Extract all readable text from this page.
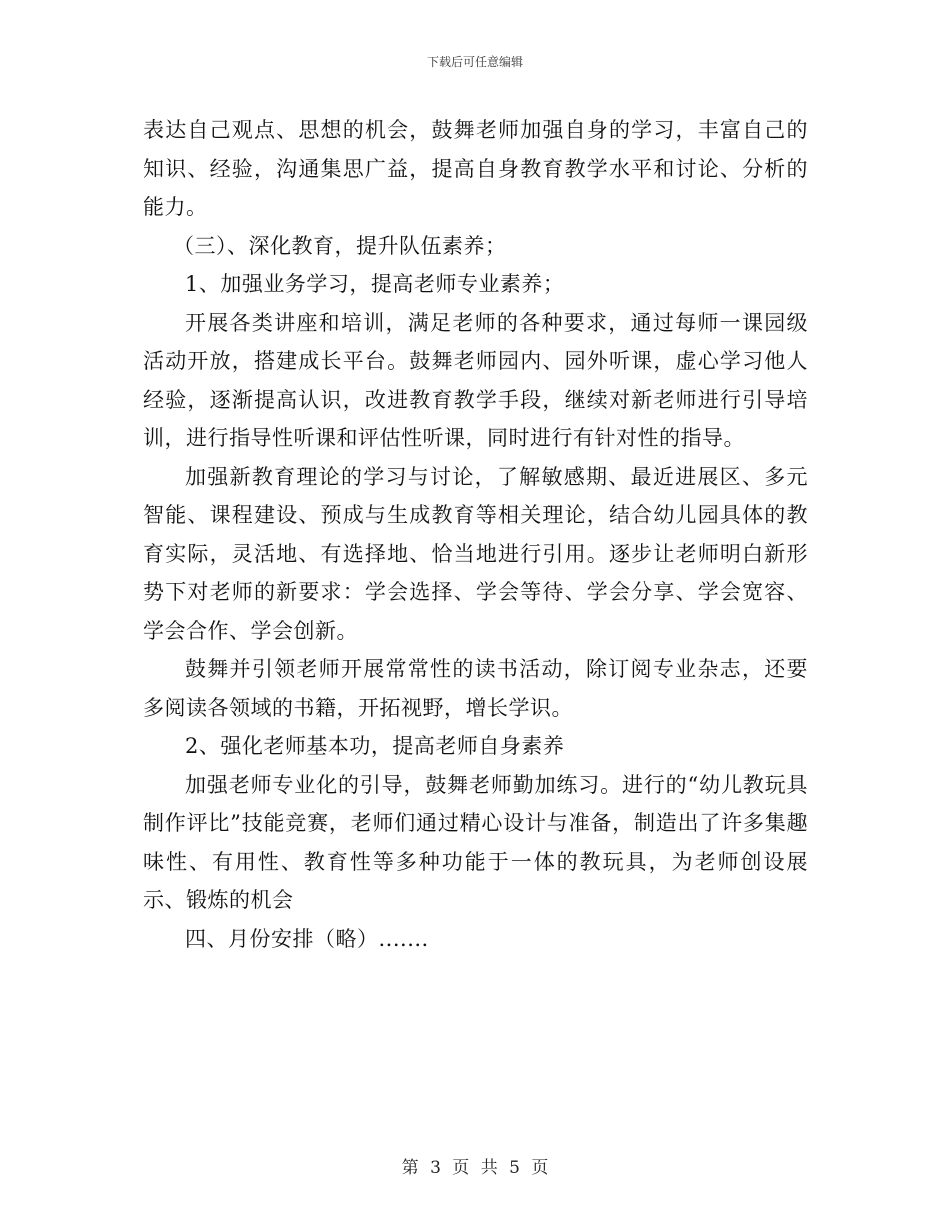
下载后可任意编辑

表达自己观点、思想的机会，鼓舞老师加强自身的学习，丰富自己的知识、经验，沟通集思广益，提高自身教育教学水平和讨论、分析的能力。

（三）、深化教育，提升队伍素养；

1、加强业务学习，提高老师专业素养；

开展各类讲座和培训，满足老师的各种要求，通过每师一课园级活动开放，搭建成长平台。鼓舞老师园内、园外听课，虚心学习他人经验，逐渐提高认识，改进教育教学手段，继续对新老师进行引导培训，进行指导性听课和评估性听课，同时进行有针对性的指导。

加强新教育理论的学习与讨论，了解敏感期、最近进展区、多元智能、课程建设、预成与生成教育等相关理论，结合幼儿园具体的教育实际，灵活地、有选择地、恰当地进行引用。逐步让老师明白新形势下对老师的新要求：学会选择、学会等待、学会分享、学会宽容、学会合作、学会创新。

鼓舞并引领老师开展常常性的读书活动，除订阅专业杂志，还要多阅读各领域的书籍，开拓视野，增长学识。

2、强化老师基本功，提高老师自身素养

加强老师专业化的引导，鼓舞老师勤加练习。进行的“幼儿教玩具制作评比”技能竞赛，老师们通过精心设计与准备，制造出了许多集趣味性、有用性、教育性等多种功能于一体的教玩具，为老师创设展示、锻炼的机会

四、月份安排（略）.......

第 3 页 共 5 页
